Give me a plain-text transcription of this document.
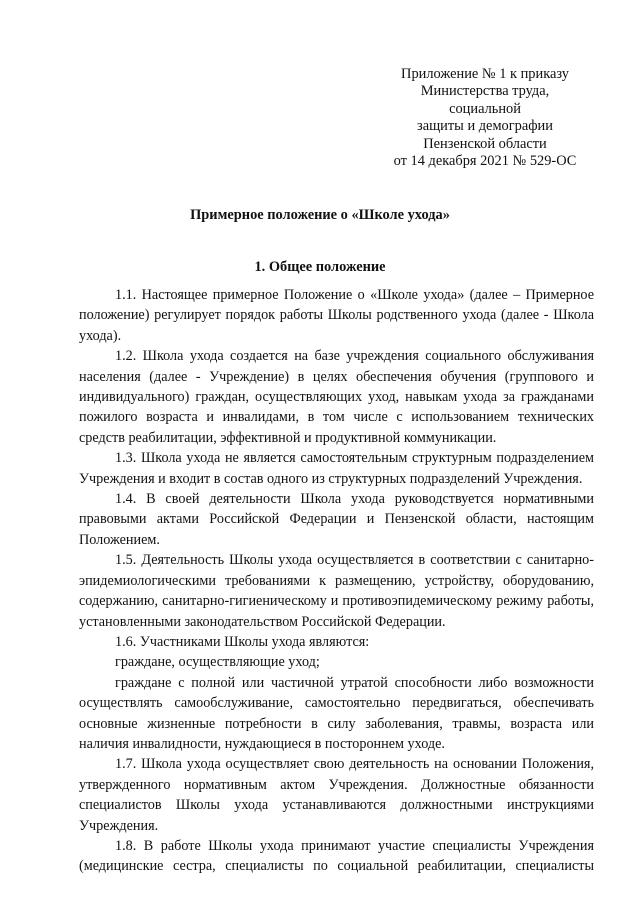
Приложение № 1 к приказу
Министерства труда,
социальной
защиты и демографии
Пензенской области
от 14 декабря 2021 № 529-ОС
Примерное положение о «Школе ухода»
1. Общее положение

1.1. Настоящее примерное Положение о «Школе ухода» (далее – Примерное положение) регулирует порядок работы Школы родственного ухода (далее - Школа ухода).

1.2. Школа ухода создается на базе учреждения социального обслуживания населения (далее - Учреждение) в целях обеспечения обучения (группового и индивидуального) граждан, осуществляющих уход, навыкам ухода за гражданами пожилого возраста и инвалидами, в том числе с использованием технических средств реабилитации, эффективной и продуктивной коммуникации.

1.3. Школа ухода не является самостоятельным структурным подразделением Учреждения и входит в состав одного из структурных подразделений Учреждения.

1.4. В своей деятельности Школа ухода руководствуется нормативными правовыми актами Российской Федерации и Пензенской области, настоящим Положением.

1.5. Деятельность Школы ухода осуществляется в соответствии с санитарно-эпидемиологическими требованиями к размещению, устройству, оборудованию, содержанию, санитарно-гигиеническому и противоэпидемическому режиму работы, установленными законодательством Российской Федерации.

1.6. Участниками Школы ухода являются:

граждане, осуществляющие уход;

граждане с полной или частичной утратой способности либо возможности осуществлять самообслуживание, самостоятельно передвигаться, обеспечивать основные жизненные потребности в силу заболевания, травмы, возраста или наличия инвалидности, нуждающиеся в постороннем уходе.

1.7. Школа ухода осуществляет свою деятельность на основании Положения, утвержденного нормативным актом Учреждения. Должностные обязанности специалистов Школы ухода устанавливаются должностными инструкциями Учреждения.

1.8. В работе Школы ухода принимают участие специалисты Учреждения (медицинские сестра, специалисты по социальной реабилитации, специалисты
